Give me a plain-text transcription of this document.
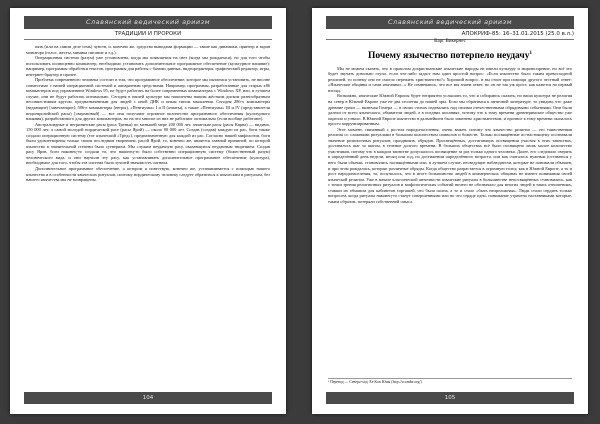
Славянский ведический ариизм
ТРАДИЦИИ И ПРОРОКИ

пять (или на самом деле семь) чувств, и, конечно же, средства выводами формации — такие как динамики, принтер и экран монитора (голос, жесты, мимика писание и т.д.).

Операционная система (разум) уже установлена, когда мы появляемся на свет (когда мы рождаемся), но для того чтобы использовать полноценно компьютер, необходимо установить дополнительное программное обеспечение (культурное влияние): например, программы обработки текстов, программы для работы с базами данных, видеоредакторы, графический редактор, игры, интернет-браузер и прочее.

Проблема современного человека состоит в том, что программное обеспечение, которое мы пытаемся установить, не вполне совместимо с нашей операционной системой и аппаратным средствами. Например, программы, разработанные для старых x86 компьютеров под управлением Windows 95, не будут работать на более современных компьютерах с Windows XP, или, в лучшем случае, они не будут работать оптимально. Сегодня в нашей культуре мы наполнены нашим жёстким диском разнообразным несовместимым кругом, предназначенным для людей с иной ДНК и иным типом мышления. Сегодня 286-х компьютеры (ведающие) [заветающие]; 586-е компьютеры (негры), «Пентиумы» I и II (азиаты), а также «Пентиумы» III и IV (представители индоевропейской расы) [сверхновый] — все они получают огромное количество программного обеспечения (культурного влияния), разработанного для других компьютеров, но на что многие из них не работают оптимально (если вообще работают).

Австралоидные и негритянские расы (раса Тренья) по меньшей мере 200 000 лет, азиатские расы (расы Карна) — видимо, 150 000 лет, а самой молодой нордической расе (расы Ярой) — около 80 000 лет. Создав (создав) каждую из рас, боги также создали операционную систему (тот языческий «Тред»), предназначенную для каждой из рас. Согласно нашей мифологии, боги были удовлетворены только своим последним творением, расой Ярой, то, конечно же, является главной причиной, по которой язычество в значительной степени было суеверием. Мы служим неудачную расу, оказавшуюся неудачным творением. Создав расу Яров, боги наконец-то создали то, что наконец-то было собственно операционную систему (божественный разум) человеческого вида, и они научили эту расу, как устанавливать дополнительное программное обеспечение (культура), необходимое для того, чтобы эта система была лучшей значимость сигнала.

Дополнительное программное обеспечение, о котором я повествую, конечно же, устанавливается с помощью нашего язычества и в особенности языческих ритуалов, поэтому нордическому человеку следует обратиться к языческим и ритуалам, без нашего язычества мы не возвращены.

104
Славянский ведический ариизм
АПОКРИФ-85: 16–31.01.2015 (25.0 в.л.)
Варг Викернес
Почему язычество потерпело неудачу$^1$

Мы не можем сказать, что в прошлом дохристианские языческие народы не имели культуру и мировоззрение, но всё это будет звучать довольно глупо, если что-либо задаст нам один простой вопрос: «Если язычество было таким превосходной религией, то почему оно не смогло пережить христианство?» Хороший вопрос, и вы стоит при помощи другого честный ответ: «Языческие общины и сами язычники...» Не сомневаюсь, что все мы знаем ответ, но он не так уж прост, как кажется на первый взгляд.

Возможно, языческие Южной Европы будет неприятно услышать то, что я собираюсь сказать, но наша культура не религия на север в Южной Европе уже не два столетия до нашей эры. Если мы обратимся к античной литературе, то увидим, что даже древние греки — включая Гомера — в своих стихах издевались над своими отечественными обрядовыми событиями. Они были далеки от всего языческого, обыватели людей, а в поздних писаниях, потому что к тому времени древнеримское общество уже окрепло и узнало. В Южной Европе язычество в дальнейшем было заменено христианством, и прочное к тому времени оказалось просто коррумпированным.

Этот момент, связанный с ростом народонаселения, очень важен, потому что язычество религии — это таинственная религия со сложными ритуалами в большим количеством символов и божеств. Только посвящённые по-настоящему осознавали значение религиозных ритуалов, праздников, обрядов. Просвещённых, достигающих посвящения участия в этих таинствах, доставалось шаг за шагом, в течение долгого времени. В больших обществах всё было посвящено лишь малое количество участников, потому что в каждом таинстве допускалось посвящение за раз только одного человека. Далее, его следовало сверить в определённый день недели, месяц или год, по достижении определённого возраста, или как считалось нужным (оставаться у него были обычаи, становились посвящёнными или, в лучшем случае, несведущие наблюдатели, которые не понимали обычаев, и при этом рождались, которые различные обряды. Когда общество разрастается в огромную толпу, как в Южной Европе, а то и рост народонаселения, то, получилось, что в итоге большинство людей в коммерческих общинах не имеют понимания своей языческой религии. Уже в начале классической античности языческие ритуалы в большинстве непосвящённых становились, как с точки зрения религиозных ритуалов и мифологических событий ничего не обозначало для многих людей в таких отношениях, ставши их обманом для кабинетов торгашей, что была полна, а то и стало «быть непреложная». Люди стали сердить только вопросом, когда ритуалы наконец-то станут совершенными или во что сердце одно, понимание утрачено наставниками которые, таким образом, потеряли собственной смысл.

¹ Перевод — Северо-ход. Её Kon Юны (http://scondur.org/)
105
